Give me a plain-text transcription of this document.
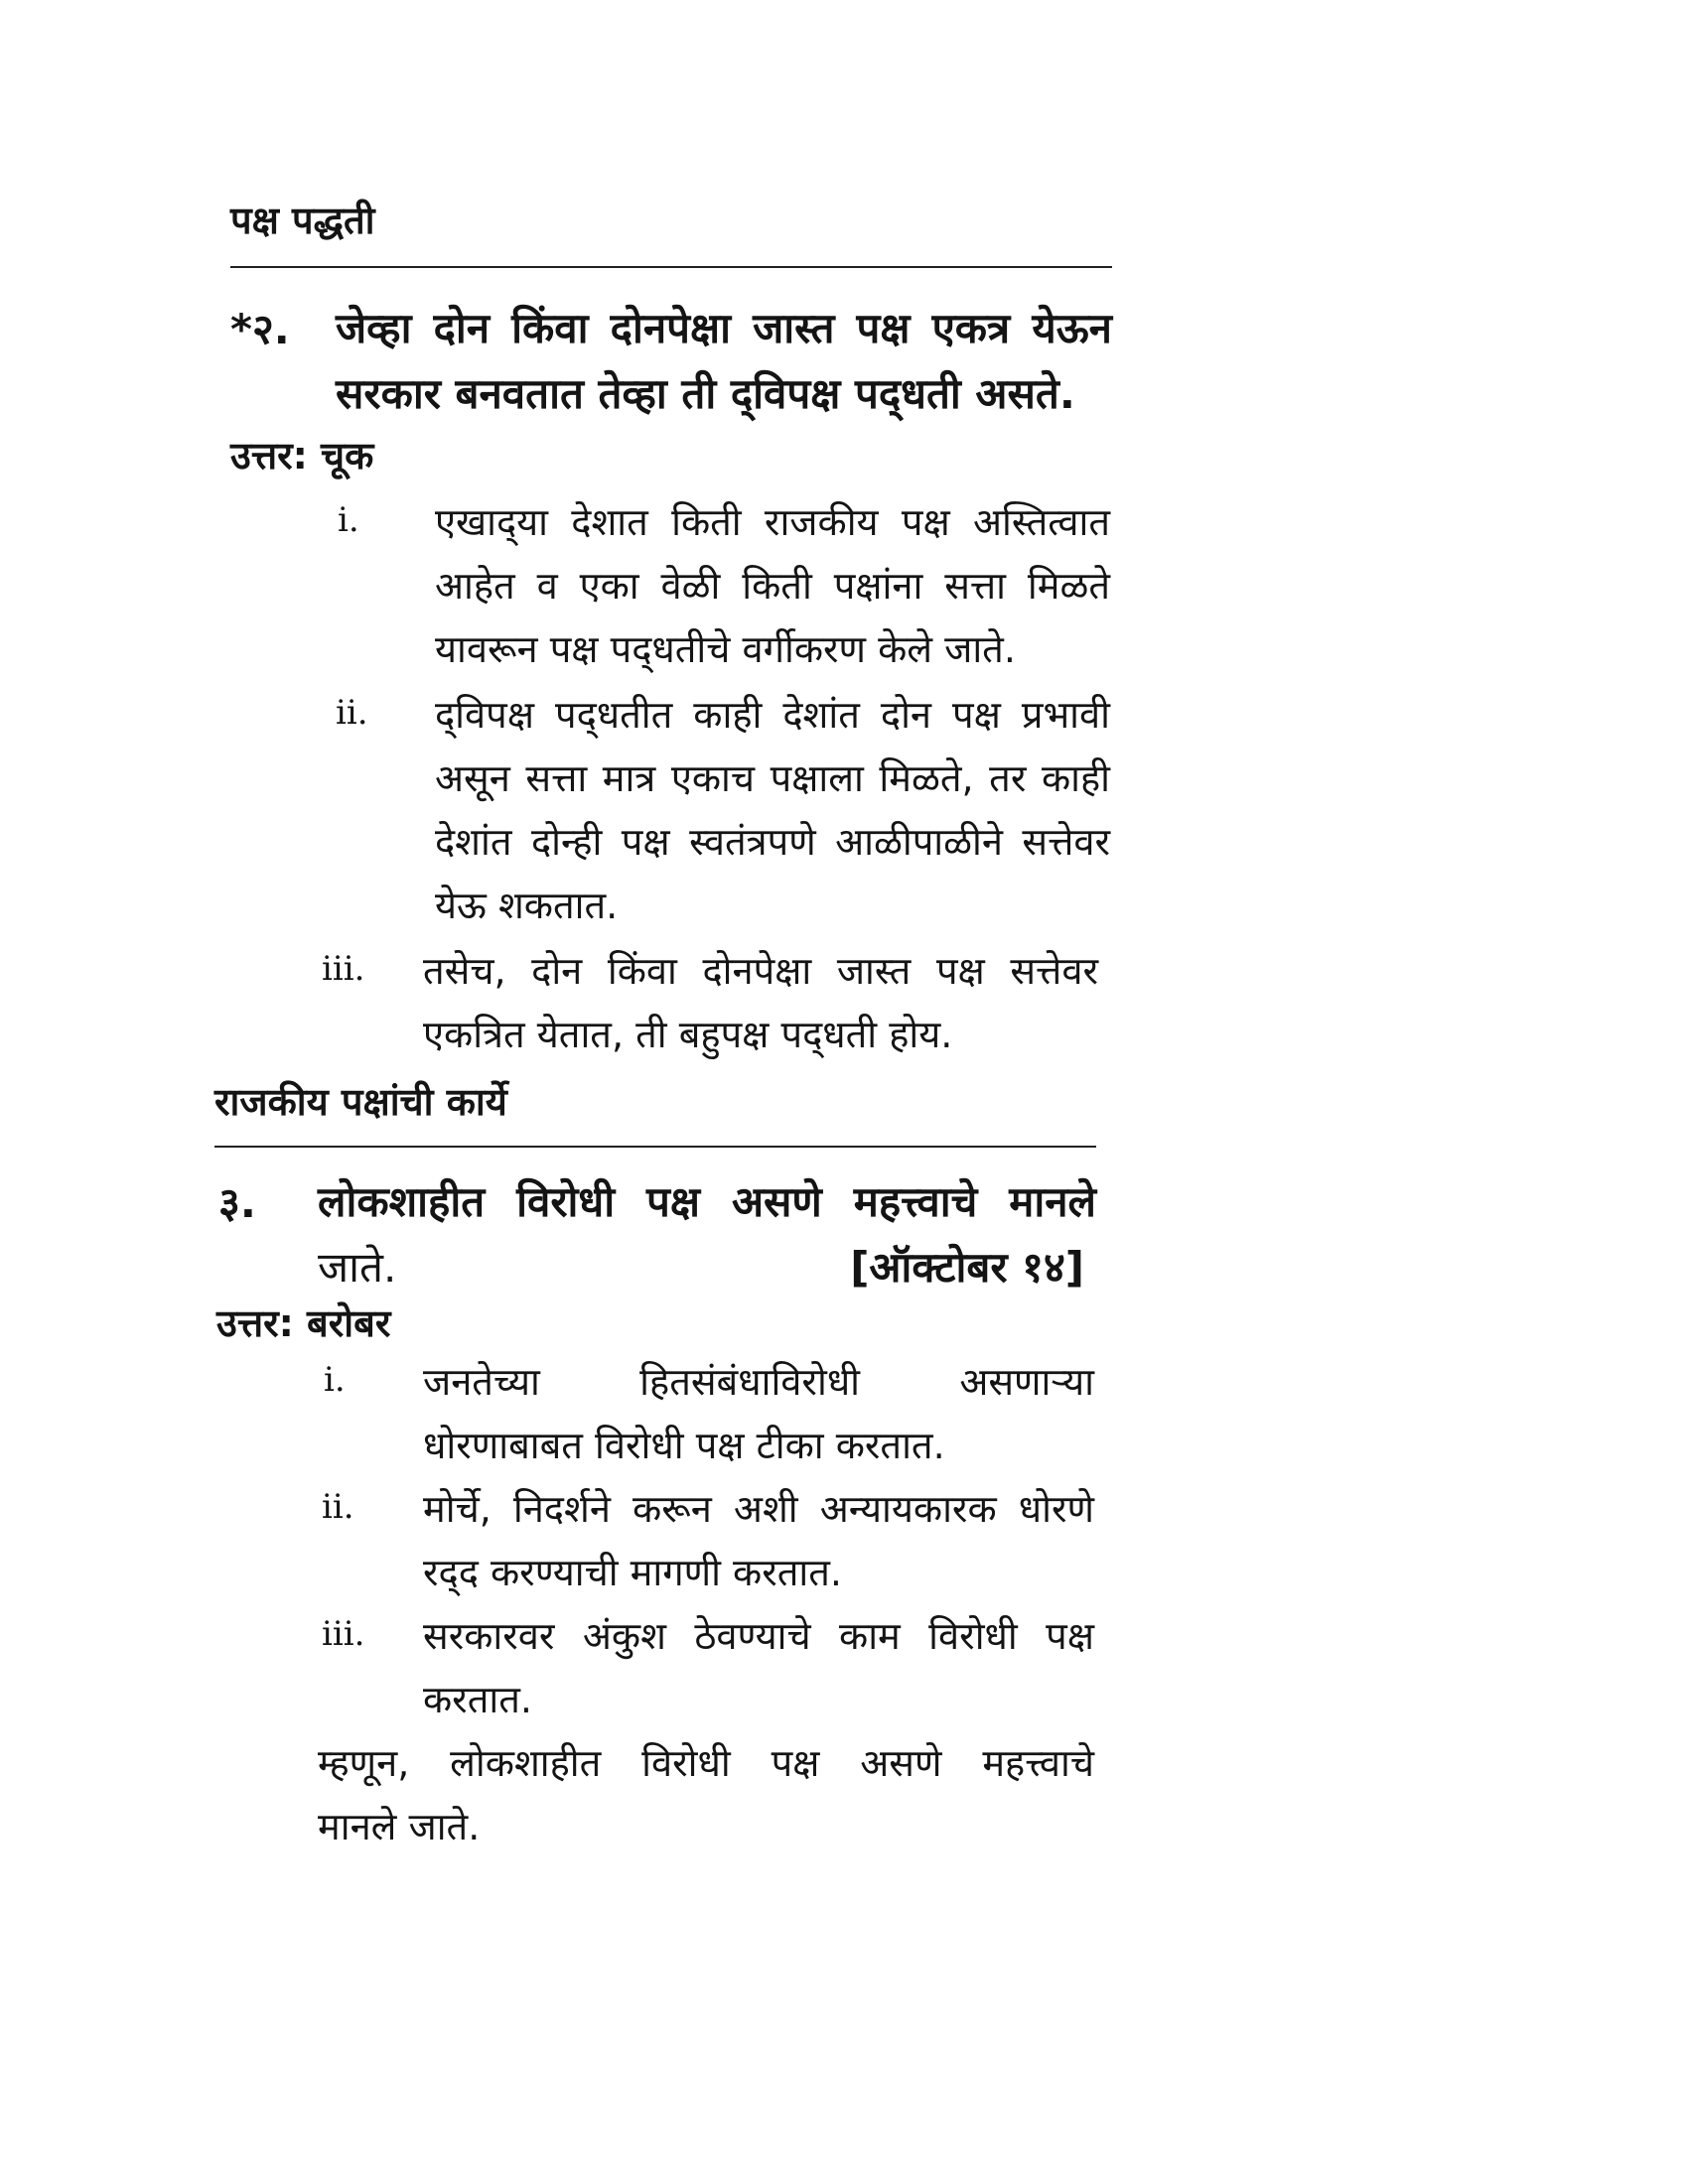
पक्ष पद्धती
*२. जेव्हा दोन किंवा दोनपेक्षा जास्त पक्ष एकत्र येऊन
सरकार बनवतात तेव्हा ती द्‌विपक्ष पद्‌धती असते.
उत्तर: चूक
i. एखाद्‌या देशात किती राजकीय पक्ष अस्तित्वात
आहेत व एका वेळी किती पक्षांना सत्ता मिळते
यावरून पक्ष पद्‌धतीचे वर्गीकरण केले जाते.
ii. द्‌विपक्ष पद्‌धतीत काही देशांत दोन पक्ष प्रभावी
असून सत्ता मात्र एकाच पक्षाला मिळते, तर काही
देशांत दोन्ही पक्ष स्वतंत्रपणे आळीपाळीने सत्तेवर
येऊ शकतात.
iii. तसेच, दोन किंवा दोनपेक्षा जास्त पक्ष सत्तेवर
एकत्रित येतात, ती बहुपक्ष पद्‌धती होय.
राजकीय पक्षांची कार्ये
३. लोकशाहीत विरोधी पक्ष असणे महत्त्वाचे मानले
जाते.	[ऑक्टोबर १४]
उत्तर: बरोबर
i. जनतेच्या हितसंबंधाविरोधी असणाऱ्या
धोरणाबाबत विरोधी पक्ष टीका करतात.
ii. मोर्चे, निदर्शने करून अशी अन्यायकारक धोरणे
रद्‌द करण्याची मागणी करतात.
iii. सरकारवर अंकुश ठेवण्याचे काम विरोधी पक्ष
करतात.
म्हणून, लोकशाहीत विरोधी पक्ष असणे महत्त्वाचे
मानले जाते.
